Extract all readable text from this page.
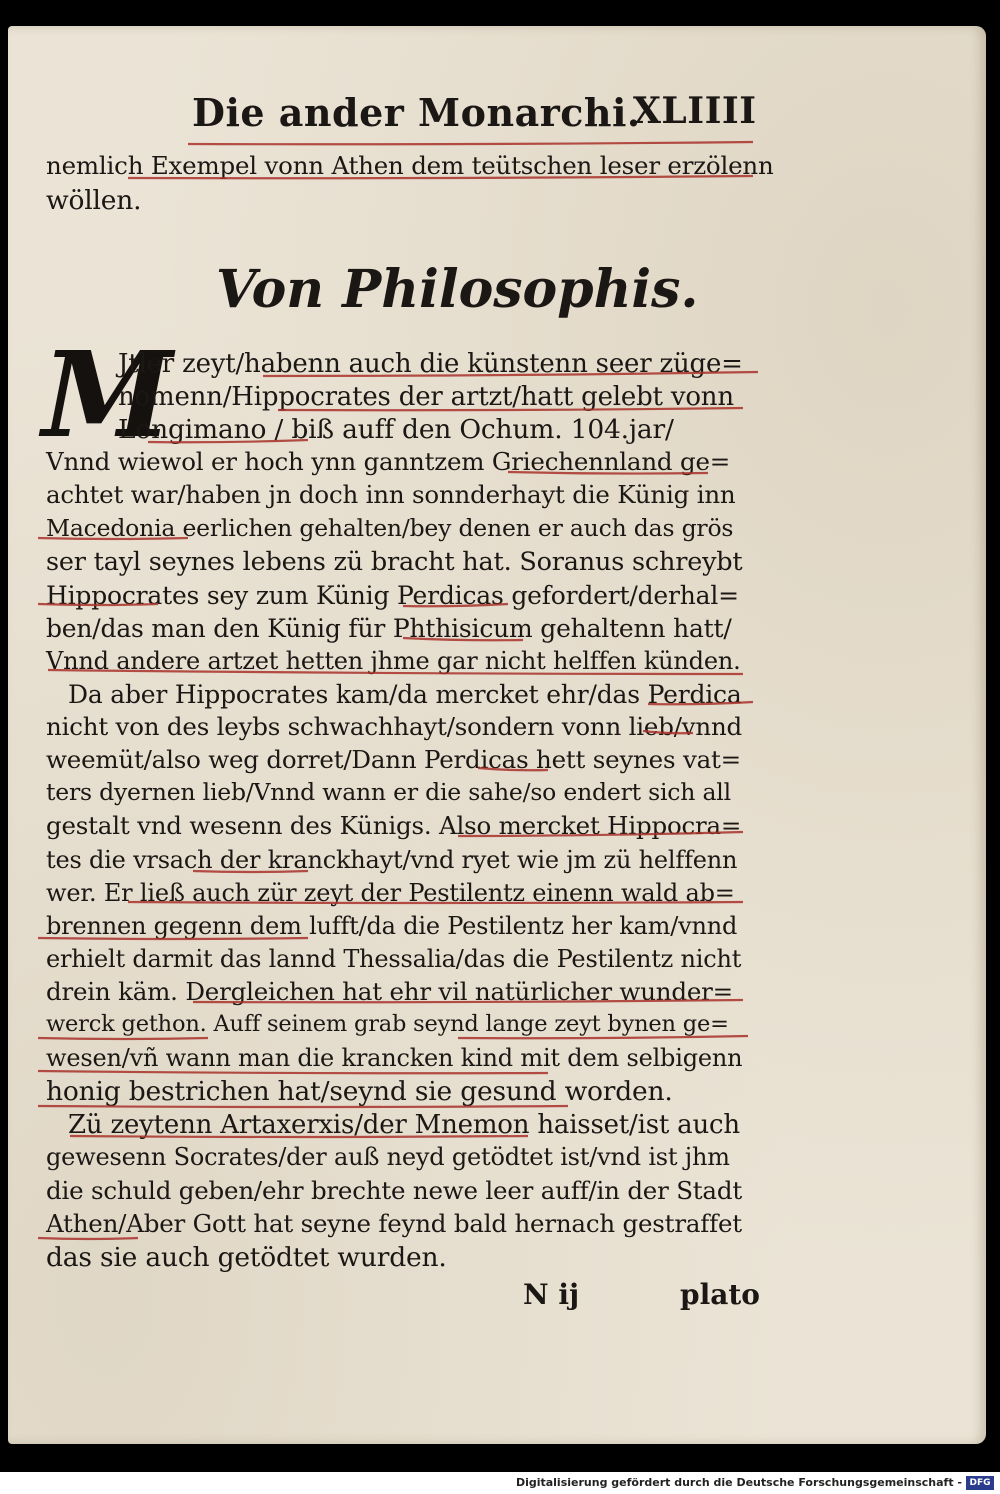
Die ander Monarchi.
XLIIII
nemlich Exempel vonn Athen dem teütschen leser erzölenn
wöllen.
Von Philosophis.
M
Jtler zeyt/habenn auch die künstenn seer züge=
nomenn/Hippocrates der artzt/hatt gelebt vonn
Longimano / biß auff den Ochum. 104.jar/
Vnnd wiewol er hoch ynn ganntzem Griechennland ge=
achtet war/haben jn doch inn sonnderhayt die Künig inn
Macedonia eerlichen gehalten/bey denen er auch das grös
ser tayl seynes lebens zü bracht hat. Soranus schreybt
Hippocrates sey zum Künig Perdicas gefordert/derhal=
ben/das man den Künig für Phthisicum gehaltenn hatt/
Vnnd andere artzet hetten jhme gar nicht helffen künden.
Da aber Hippocrates kam/da mercket ehr/das Perdica
nicht von des leybs schwachhayt/sondern vonn lieb/vnnd
weemüt/also weg dorret/Dann Perdicas hett seynes vat=
ters dyernen lieb/Vnnd wann er die sahe/so endert sich all
gestalt vnd wesenn des Künigs. Also mercket Hippocra=
tes die vrsach der kranckhayt/vnd ryet wie jm zü helffenn
wer. Er ließ auch zür zeyt der Pestilentz einenn wald ab=
brennen gegenn dem lufft/da die Pestilentz her kam/vnnd
erhielt darmit das lannd Thessalia/das die Pestilentz nicht
drein käm. Dergleichen hat ehr vil natürlicher wunder=
werck gethon. Auff seinem grab seynd lange zeyt bynen ge=
wesen/vñ wann man die krancken kind mit dem selbigenn
honig bestrichen hat/seynd sie gesund worden.
Zü zeytenn Artaxerxis/der Mnemon haisset/ist auch
gewesenn Socrates/der auß neyd getödtet ist/vnd ist jhm
die schuld geben/ehr brechte newe leer auff/in der Stadt
Athen/Aber Gott hat seyne feynd bald hernach gestraffet
das sie auch getödtet wurden.
N ij	plato
Digitalisierung gefördert durch die Deutsche Forschungsgemeinschaft - DFG
